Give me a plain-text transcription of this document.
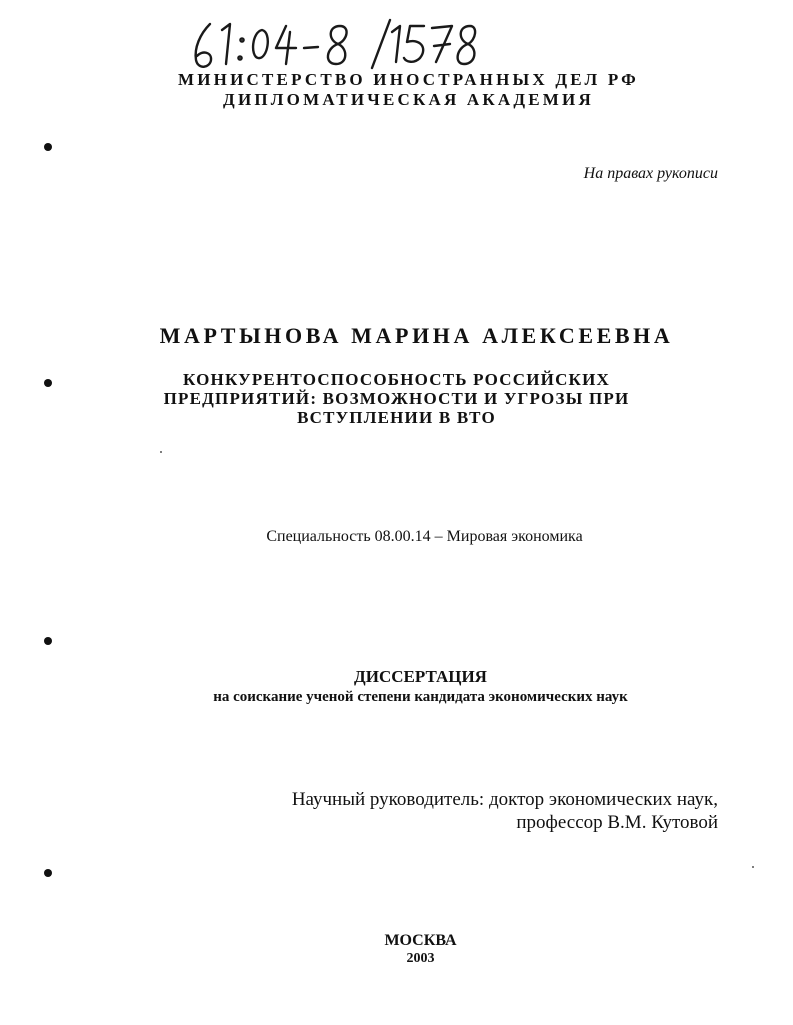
МИНИСТЕРСТВО ИНОСТРАННЫХ ДЕЛ РФ
ДИПЛОМАТИЧЕСКАЯ АКАДЕМИЯ
На правах рукописи
МАРТЫНОВА МАРИНА АЛЕКСЕЕВНА
КОНКУРЕНТОСПОСОБНОСТЬ РОССИЙСКИХ
ПРЕДПРИЯТИЙ: ВОЗМОЖНОСТИ И УГРОЗЫ ПРИ
ВСТУПЛЕНИИ В ВТО
Специальность 08.00.14 – Мировая экономика
ДИССЕРТАЦИЯ
на соискание ученой степени кандидата экономических наук
Научный руководитель: доктор экономических наук,
профессор В.М. Кутовой
МОСКВА
2003
